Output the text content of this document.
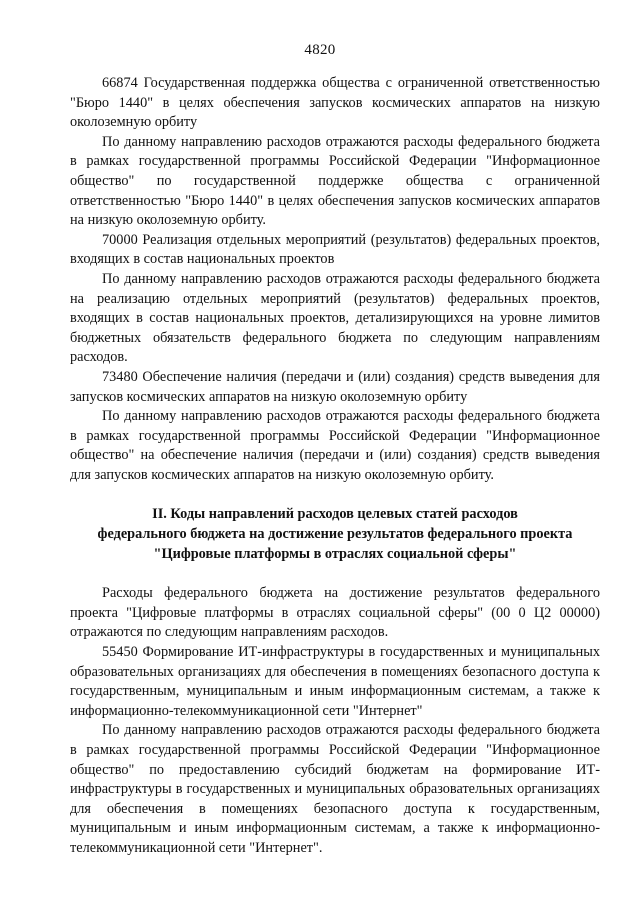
4820

66874 Государственная поддержка общества с ограниченной ответственностью "Бюро 1440" в целях обеспечения запусков космических аппаратов на низкую околоземную орбиту

По данному направлению расходов отражаются расходы федерального бюджета в рамках государственной программы Российской Федерации "Информационное общество" по государственной поддержке общества с ограниченной ответственностью "Бюро 1440" в целях обеспечения запусков космических аппаратов на низкую околоземную орбиту.

70000 Реализация отдельных мероприятий (результатов) федеральных проектов, входящих в состав национальных проектов

По данному направлению расходов отражаются расходы федерального бюджета на реализацию отдельных мероприятий (результатов) федеральных проектов, входящих в состав национальных проектов, детализирующихся на уровне лимитов бюджетных обязательств федерального бюджета по следующим направлениям расходов.

73480 Обеспечение наличия (передачи и (или) создания) средств выведения для запусков космических аппаратов на низкую околоземную орбиту

По данному направлению расходов отражаются расходы федерального бюджета в рамках государственной программы Российской Федерации "Информационное общество" на обеспечение наличия (передачи и (или) создания) средств выведения для запусков космических аппаратов на низкую околоземную орбиту.

II. Коды направлений расходов целевых статей расходов
федерального бюджета на достижение результатов федерального проекта
"Цифровые платформы в отраслях социальной сферы"

Расходы федерального бюджета на достижение результатов федерального проекта "Цифровые платформы в отраслях социальной сферы" (00 0 Ц2 00000) отражаются по следующим направлениям расходов.

55450 Формирование ИТ-инфраструктуры в государственных и муниципальных образовательных организациях для обеспечения в помещениях безопасного доступа к государственным, муниципальным и иным информационным системам, а также к информационно-телекоммуникационной сети "Интернет"

По данному направлению расходов отражаются расходы федерального бюджета в рамках государственной программы Российской Федерации "Информационное общество" по предоставлению субсидий бюджетам на формирование ИТ-инфраструктуры в государственных и муниципальных образовательных организациях для обеспечения в помещениях безопасного доступа к государственным, муниципальным и иным информационным системам, а также к информационно-телекоммуникационной сети "Интернет".
